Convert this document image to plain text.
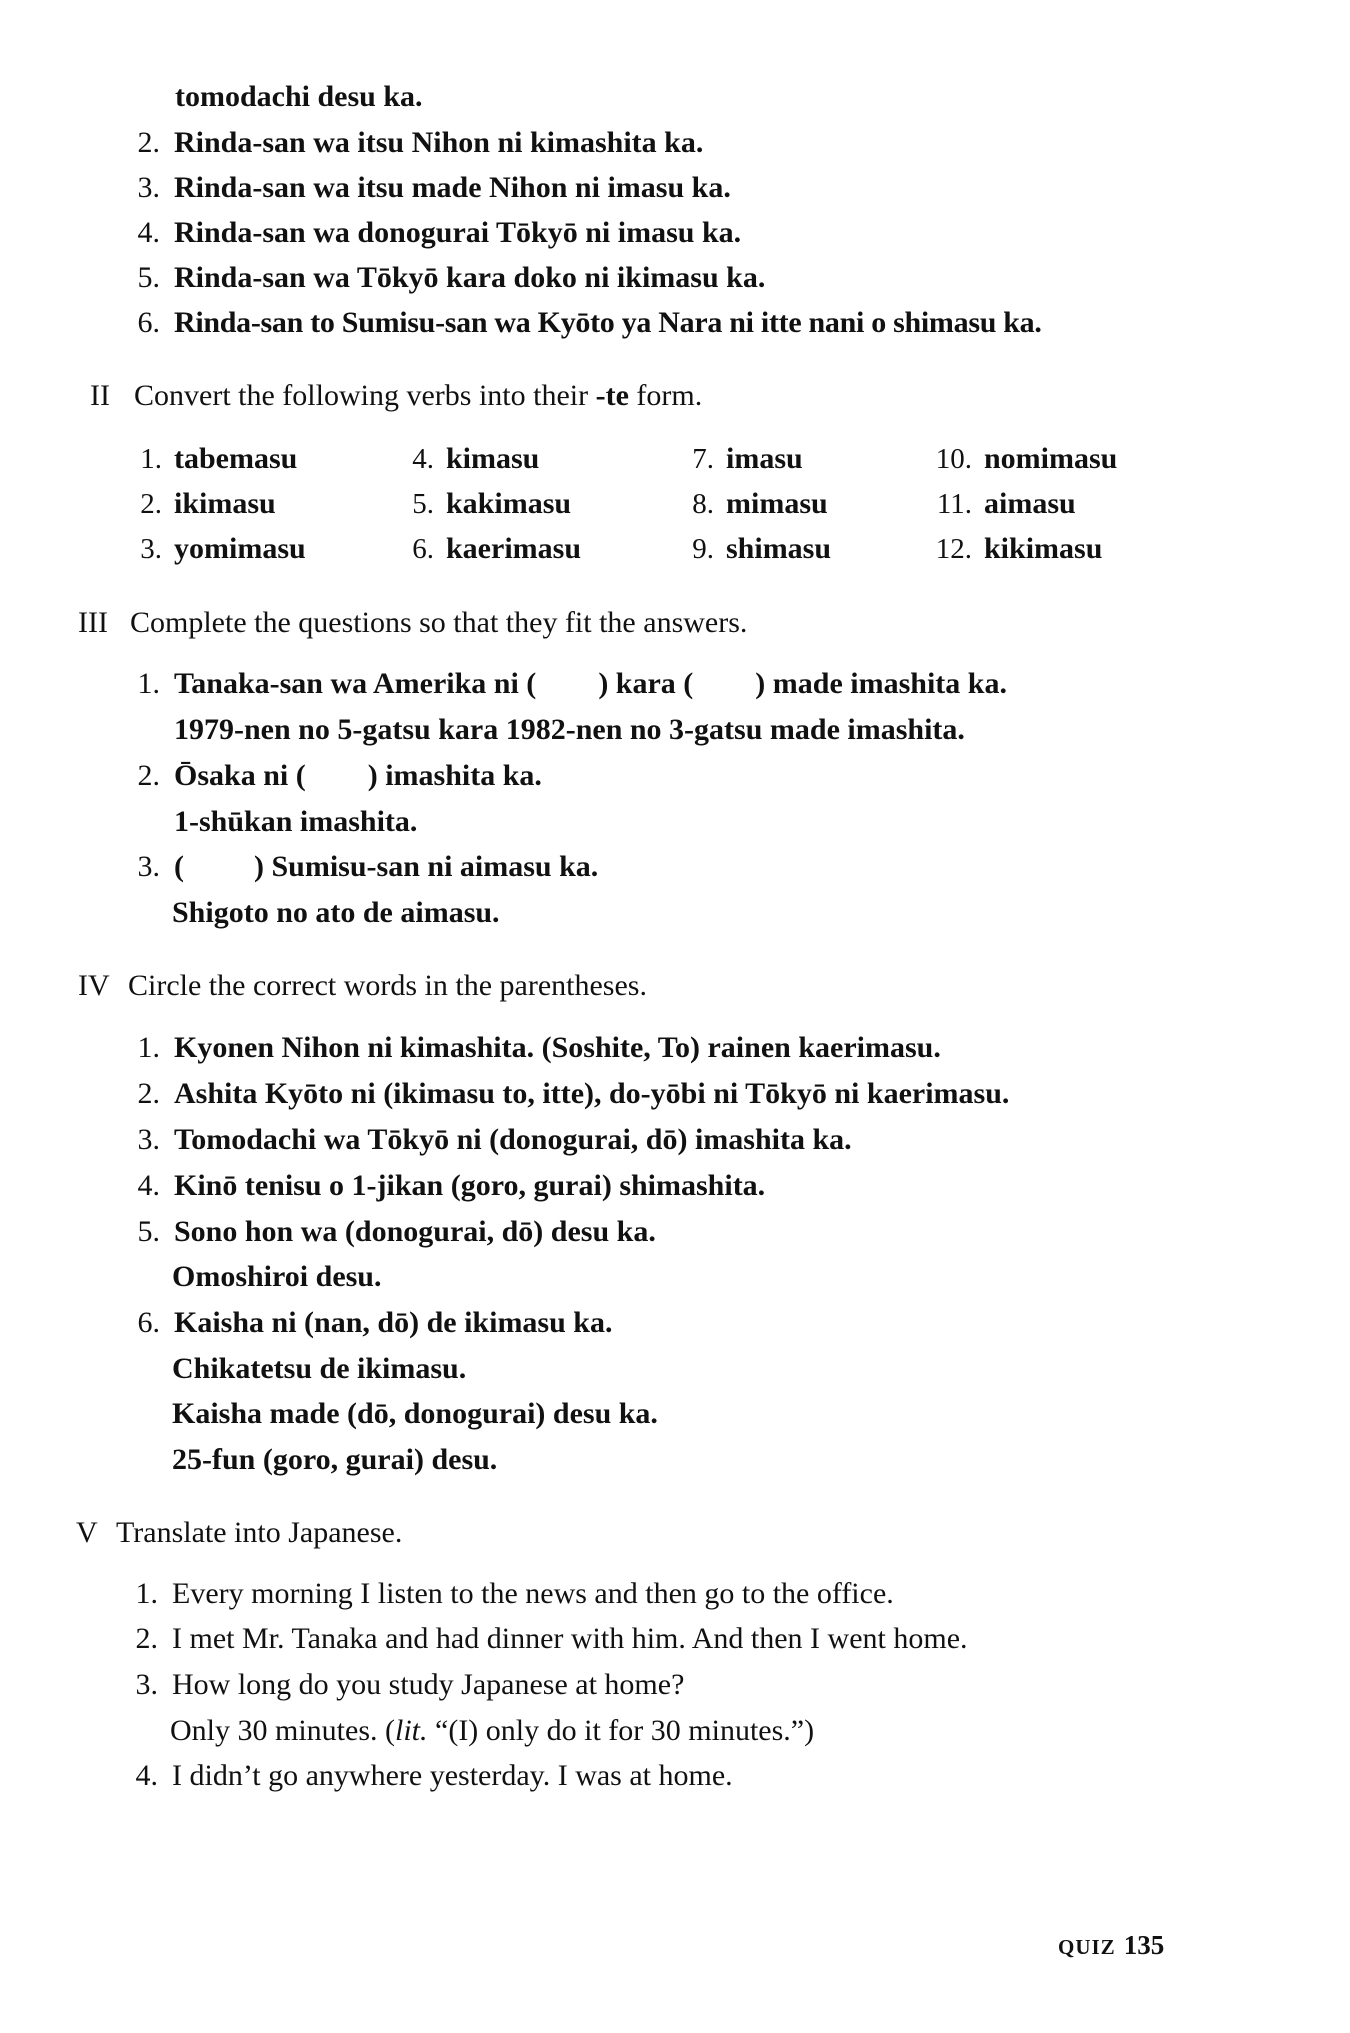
tomodachi desu ka.
2. Rinda-san wa itsu Nihon ni kimashita ka.
3. Rinda-san wa itsu made Nihon ni imasu ka.
4. Rinda-san wa donogurai Tōkyō ni imasu ka.
5. Rinda-san wa Tōkyō kara doko ni ikimasu ka.
6. Rinda-san to Sumisu-san wa Kyōto ya Nara ni itte nani o shimasu ka.
II Convert the following verbs into their -te form.
1. tabemasu
2. ikimasu
3. yomimasu
4. kimasu
5. kakimasu
6. kaerimasu
7. imasu
8. mimasu
9. shimasu
10. nomimasu
11. aimasu
12. kikimasu
III Complete the questions so that they fit the answers.
1. Tanaka-san wa Amerika ni ( ) kara ( ) made imashita ka.
1979-nen no 5-gatsu kara 1982-nen no 3-gatsu made imashita.
2. Ōsaka ni ( ) imashita ka.
1-shūkan imashita.
3. ( ) Sumisu-san ni aimasu ka.
Shigoto no ato de aimasu.
IV Circle the correct words in the parentheses.
1. Kyonen Nihon ni kimashita. (Soshite, To) rainen kaerimasu.
2. Ashita Kyōto ni (ikimasu to, itte), do-yōbi ni Tōkyō ni kaerimasu.
3. Tomodachi wa Tōkyō ni (donogurai, dō) imashita ka.
4. Kinō tenisu o 1-jikan (goro, gurai) shimashita.
5. Sono hon wa (donogurai, dō) desu ka.
Omoshiroi desu.
6. Kaisha ni (nan, dō) de ikimasu ka.
Chikatetsu de ikimasu.
Kaisha made (dō, donogurai) desu ka.
25-fun (goro, gurai) desu.
V Translate into Japanese.
1. Every morning I listen to the news and then go to the office.
2. I met Mr. Tanaka and had dinner with him. And then I went home.
3. How long do you study Japanese at home?
Only 30 minutes. (lit. “(I) only do it for 30 minutes.”)
4. I didn’t go anywhere yesterday. I was at home.
QUIZ 135
